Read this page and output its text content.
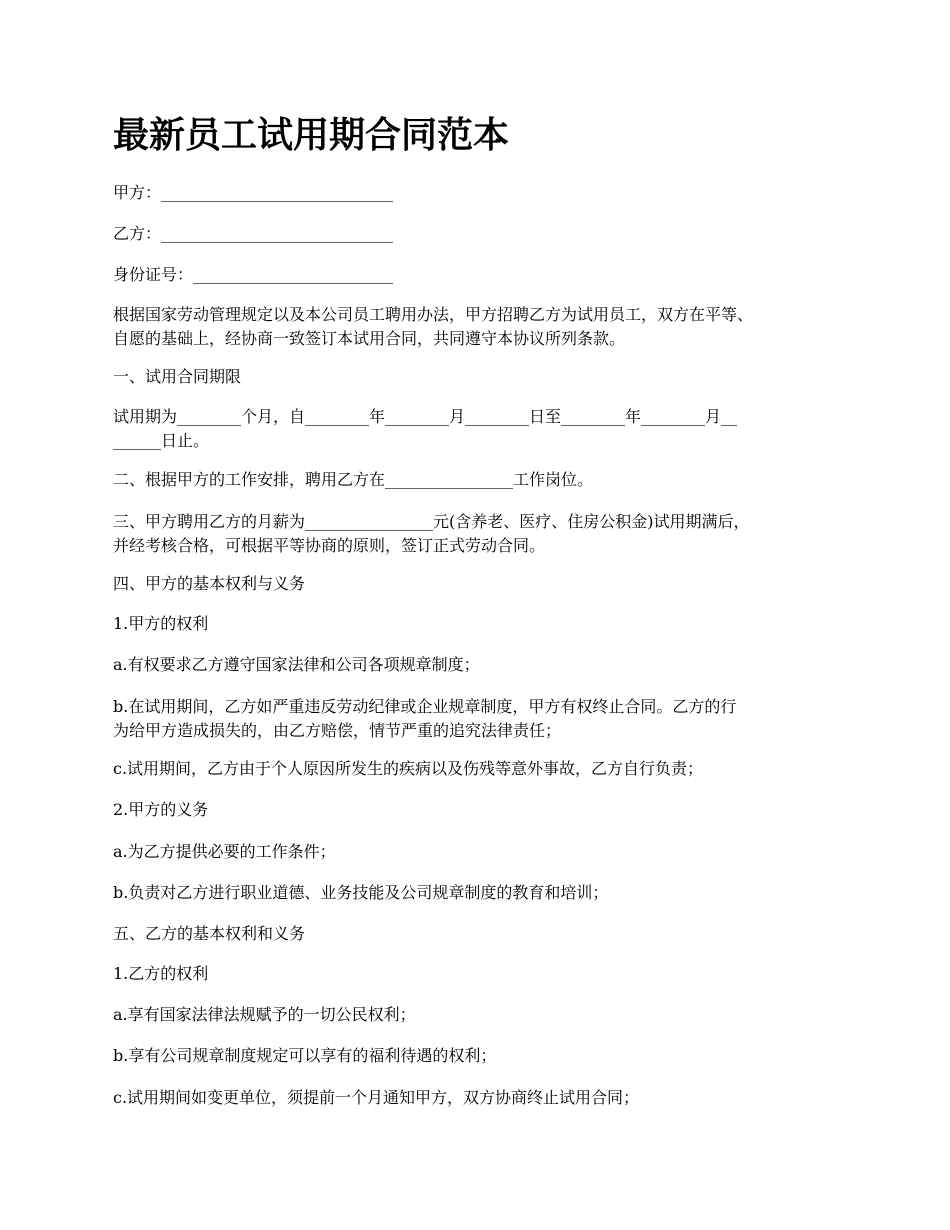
最新员工试用期合同范本

甲方：_____________________________

乙方：_____________________________

身份证号：_________________________

根据国家劳动管理规定以及本公司员工聘用办法，甲方招聘乙方为试用员工，双方在平等、
自愿的基础上，经协商一致签订本试用合同，共同遵守本协议所列条款。
一、试用合同期限
试用期为________个月，自________年________月________日至________年________月__
______日止。
二、根据甲方的工作安排，聘用乙方在________________工作岗位。
三、甲方聘用乙方的月薪为________________元(含养老、医疗、住房公积金)试用期满后，
并经考核合格，可根据平等协商的原则，签订正式劳动合同。
四、甲方的基本权利与义务
1.甲方的权利
a.有权要求乙方遵守国家法律和公司各项规章制度；
b.在试用期间，乙方如严重违反劳动纪律或企业规章制度，甲方有权终止合同。乙方的行
为给甲方造成损失的，由乙方赔偿，情节严重的追究法律责任；
c.试用期间，乙方由于个人原因所发生的疾病以及伤残等意外事故，乙方自行负责；
2.甲方的义务
a.为乙方提供必要的工作条件；
b.负责对乙方进行职业道德、业务技能及公司规章制度的教育和培训；
五、乙方的基本权利和义务
1.乙方的权利
a.享有国家法律法规赋予的一切公民权利；
b.享有公司规章制度规定可以享有的福利待遇的权利；
c.试用期间如变更单位，须提前一个月通知甲方，双方协商终止试用合同；
